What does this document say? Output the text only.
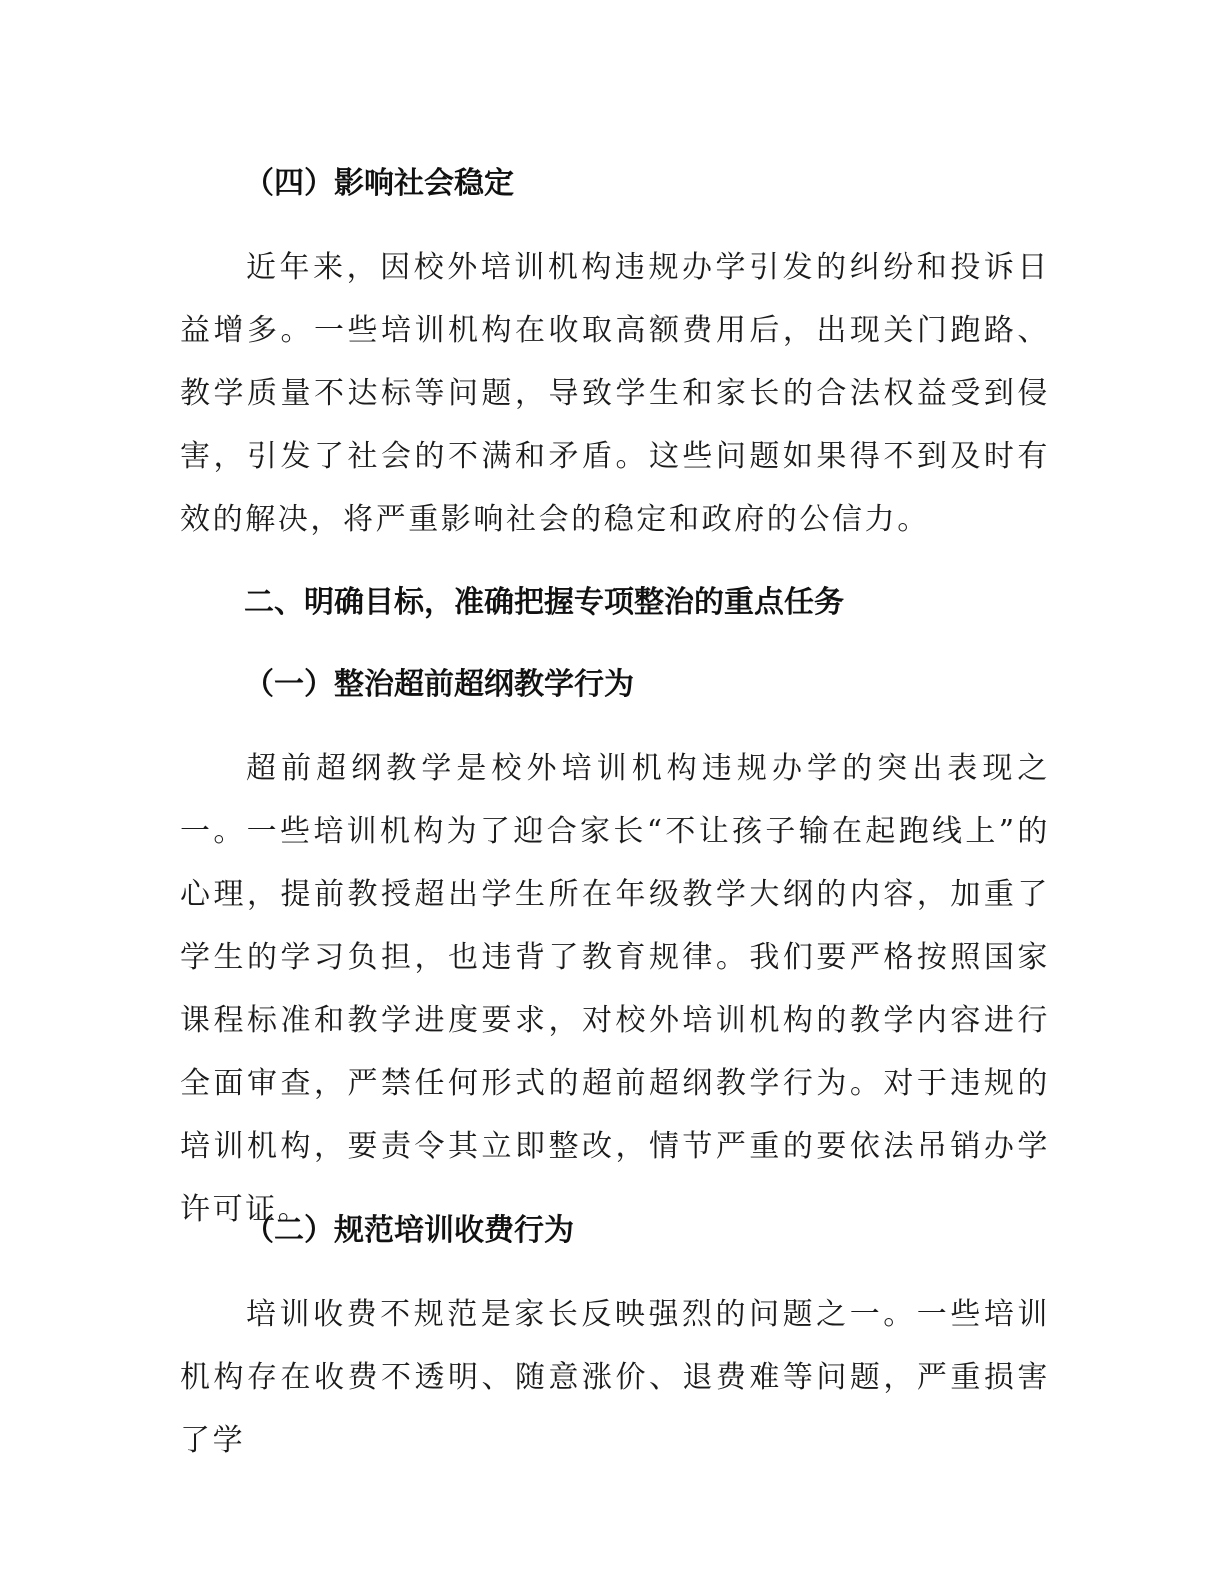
（四）影响社会稳定

近年来，因校外培训机构违规办学引发的纠纷和投诉日益增多。一些培训机构在收取高额费用后，出现关门跑路、教学质量不达标等问题，导致学生和家长的合法权益受到侵害，引发了社会的不满和矛盾。这些问题如果得不到及时有效的解决，将严重影响社会的稳定和政府的公信力。

二、明确目标，准确把握专项整治的重点任务
（一）整治超前超纲教学行为

超前超纲教学是校外培训机构违规办学的突出表现之一。一些培训机构为了迎合家长“不让孩子输在起跑线上”的心理，提前教授超出学生所在年级教学大纲的内容，加重了学生的学习负担，也违背了教育规律。我们要严格按照国家课程标准和教学进度要求，对校外培训机构的教学内容进行全面审查，严禁任何形式的超前超纲教学行为。对于违规的培训机构，要责令其立即整改，情节严重的要依法吊销办学许可证。

（二）规范培训收费行为

培训收费不规范是家长反映强烈的问题之一。一些培训机构存在收费不透明、随意涨价、退费难等问题，严重损害了学
